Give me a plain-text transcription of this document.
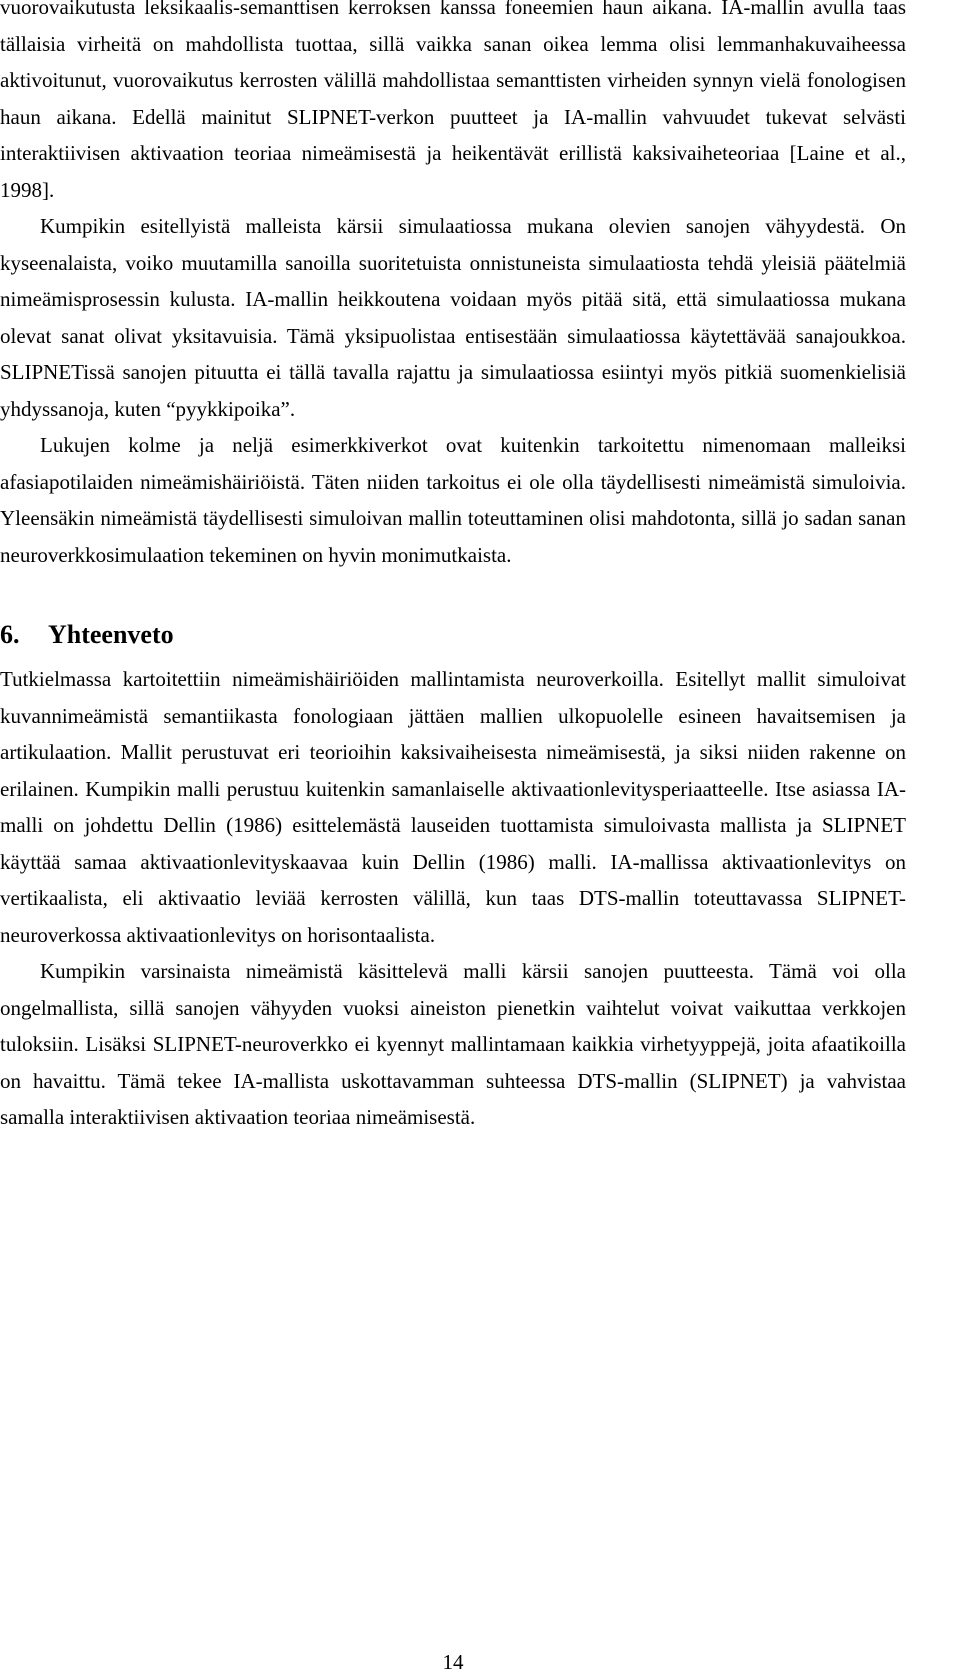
vuorovaikutusta leksikaalis-semanttisen kerroksen kanssa foneemien haun aikana. IA-mallin avulla taas tällaisia virheitä on mahdollista tuottaa, sillä vaikka sanan oikea lemma olisi lemmanhakuvaiheessa aktivoitunut, vuorovaikutus kerrosten välillä mahdollistaa semanttisten virheiden synnyn vielä fonologisen haun aikana. Edellä mainitut SLIPNET-verkon puutteet ja IA-mallin vahvuudet tukevat selvästi interaktiivisen aktivaation teoriaa nimeämisestä ja heikentävät erillistä kaksivaiheteoriaa [Laine et al., 1998].

Kumpikin esitellyistä malleista kärsii simulaatiossa mukana olevien sanojen vähyydestä. On kyseenalaista, voiko muutamilla sanoilla suoritetuista onnistuneista simulaatiosta tehdä yleisiä päätelmiä nimeämisprosessin kulusta. IA-mallin heikkoutena voidaan myös pitää sitä, että simulaatiossa mukana olevat sanat olivat yksitavuisia. Tämä yksipuolistaa entisestään simulaatiossa käytettävää sanajoukkoa. SLIPNETissä sanojen pituutta ei tällä tavalla rajattu ja simulaatiossa esiintyi myös pitkiä suomenkielisiä yhdyssanoja, kuten “pyykkipoika”.

Lukujen kolme ja neljä esimerkkiverkot ovat kuitenkin tarkoitettu nimenomaan malleiksi afasiapotilaiden nimeämishäiriöistä. Täten niiden tarkoitus ei ole olla täydellisesti nimeämistä simuloivia. Yleensäkin nimeämistä täydellisesti simuloivan mallin toteuttaminen olisi mahdotonta, sillä jo sadan sanan neuroverkkosimulaation tekeminen on hyvin monimutkaista.

6. Yhteenveto

Tutkielmassa kartoitettiin nimeämishäiriöiden mallintamista neuroverkoilla. Esitellyt mallit simuloivat kuvannimeämistä semantiikasta fonologiaan jättäen mallien ulkopuolelle esineen havaitsemisen ja artikulaation. Mallit perustuvat eri teorioihin kaksivaiheisesta nimeämisestä, ja siksi niiden rakenne on erilainen. Kumpikin malli perustuu kuitenkin samanlaiselle aktivaationlevitysperiaatteelle. Itse asiassa IA-malli on johdettu Dellin (1986) esittelemästä lauseiden tuottamista simuloivasta mallista ja SLIPNET käyttää samaa aktivaationlevityskaavaa kuin Dellin (1986) malli. IA-mallissa aktivaationlevitys on vertikaalista, eli aktivaatio leviää kerrosten välillä, kun taas DTS-mallin toteuttavassa SLIPNET-neuroverkossa aktivaationlevitys on horisontaalista.

Kumpikin varsinaista nimeämistä käsittelevä malli kärsii sanojen puutteesta. Tämä voi olla ongelmallista, sillä sanojen vähyyden vuoksi aineiston pienetkin vaihtelut voivat vaikuttaa verkkojen tuloksiin. Lisäksi SLIPNET-neuroverkko ei kyennyt mallintamaan kaikkia virhetyyppejä, joita afaatikoilla on havaittu. Tämä tekee IA-mallista uskottavamman suhteessa DTS-mallin (SLIPNET) ja vahvistaa samalla interaktiivisen aktivaation teoriaa nimeämisestä.

14
